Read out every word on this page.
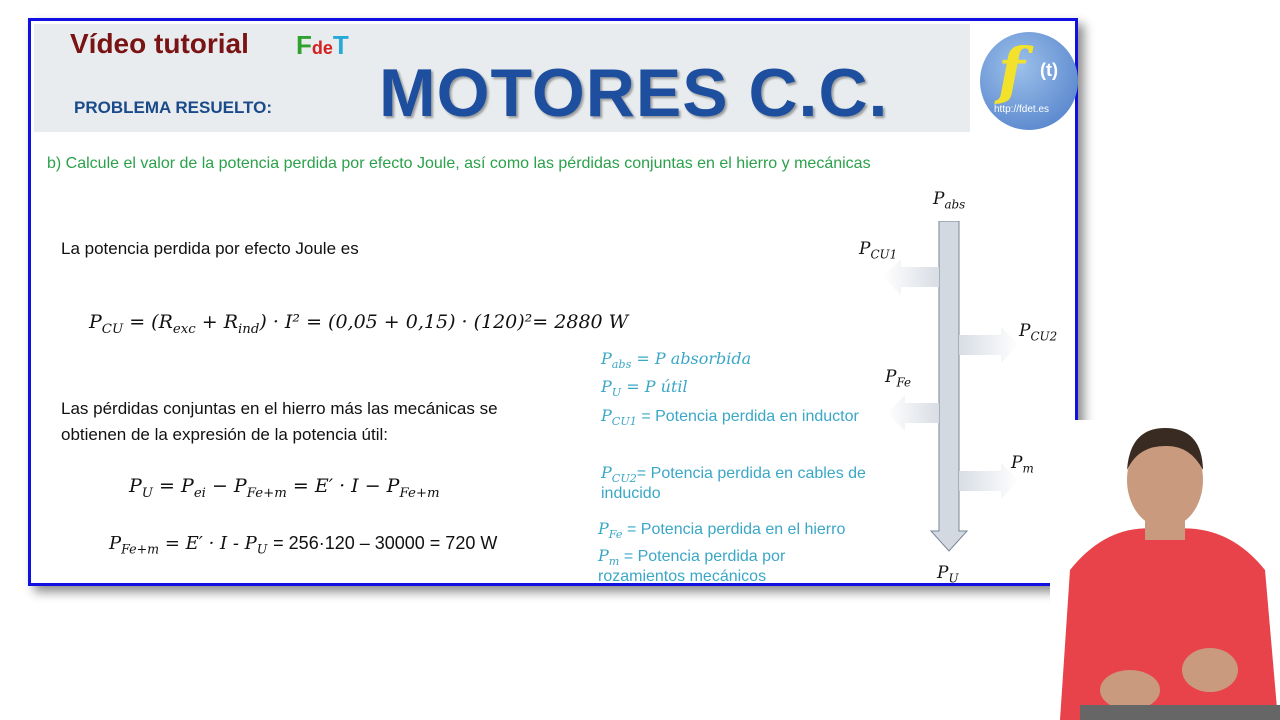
Vídeo tutorial FdeT
PROBLEMA RESUELTO: MOTORES C.C. f (t)
http://fdet.es
b) Calcule el valor de la potencia perdida por efecto Joule, así como las pérdidas conjuntas en el hierro y mecánicas
La potencia perdida por efecto Joule es
$P_{CU} = (R_{exc} + R_{ind}) \cdot I^2 = (0,05 + 0,15) \cdot (120)^2= 2880$ W
Las pérdidas conjuntas en el hierro más las mecánicas se
obtienen de la expresión de la potencia útil:
$P_U = P_{ei} - P_{Fe+m} = E' \cdot I - P_{Fe+m}$
$P_{Fe+m} = E' \cdot I - P_U = 256\cdot 120 - 30000 = 720$ W
$P_{abs} = P$ absorbida
$P_U = P$ útil
$P_{CU1}$ = Potencia perdida en inductor
$P_{CU2}=$ Potencia perdida en cables de inducido
$P_{Fe}$ = Potencia perdida en el hierro
$P_m$ = Potencia perdida por rozamientos mecánicos
$P_{abs}$
$P_{CU1}$
$P_{CU2}$
$P_{Fe}$
$P_m$
$P_U$
